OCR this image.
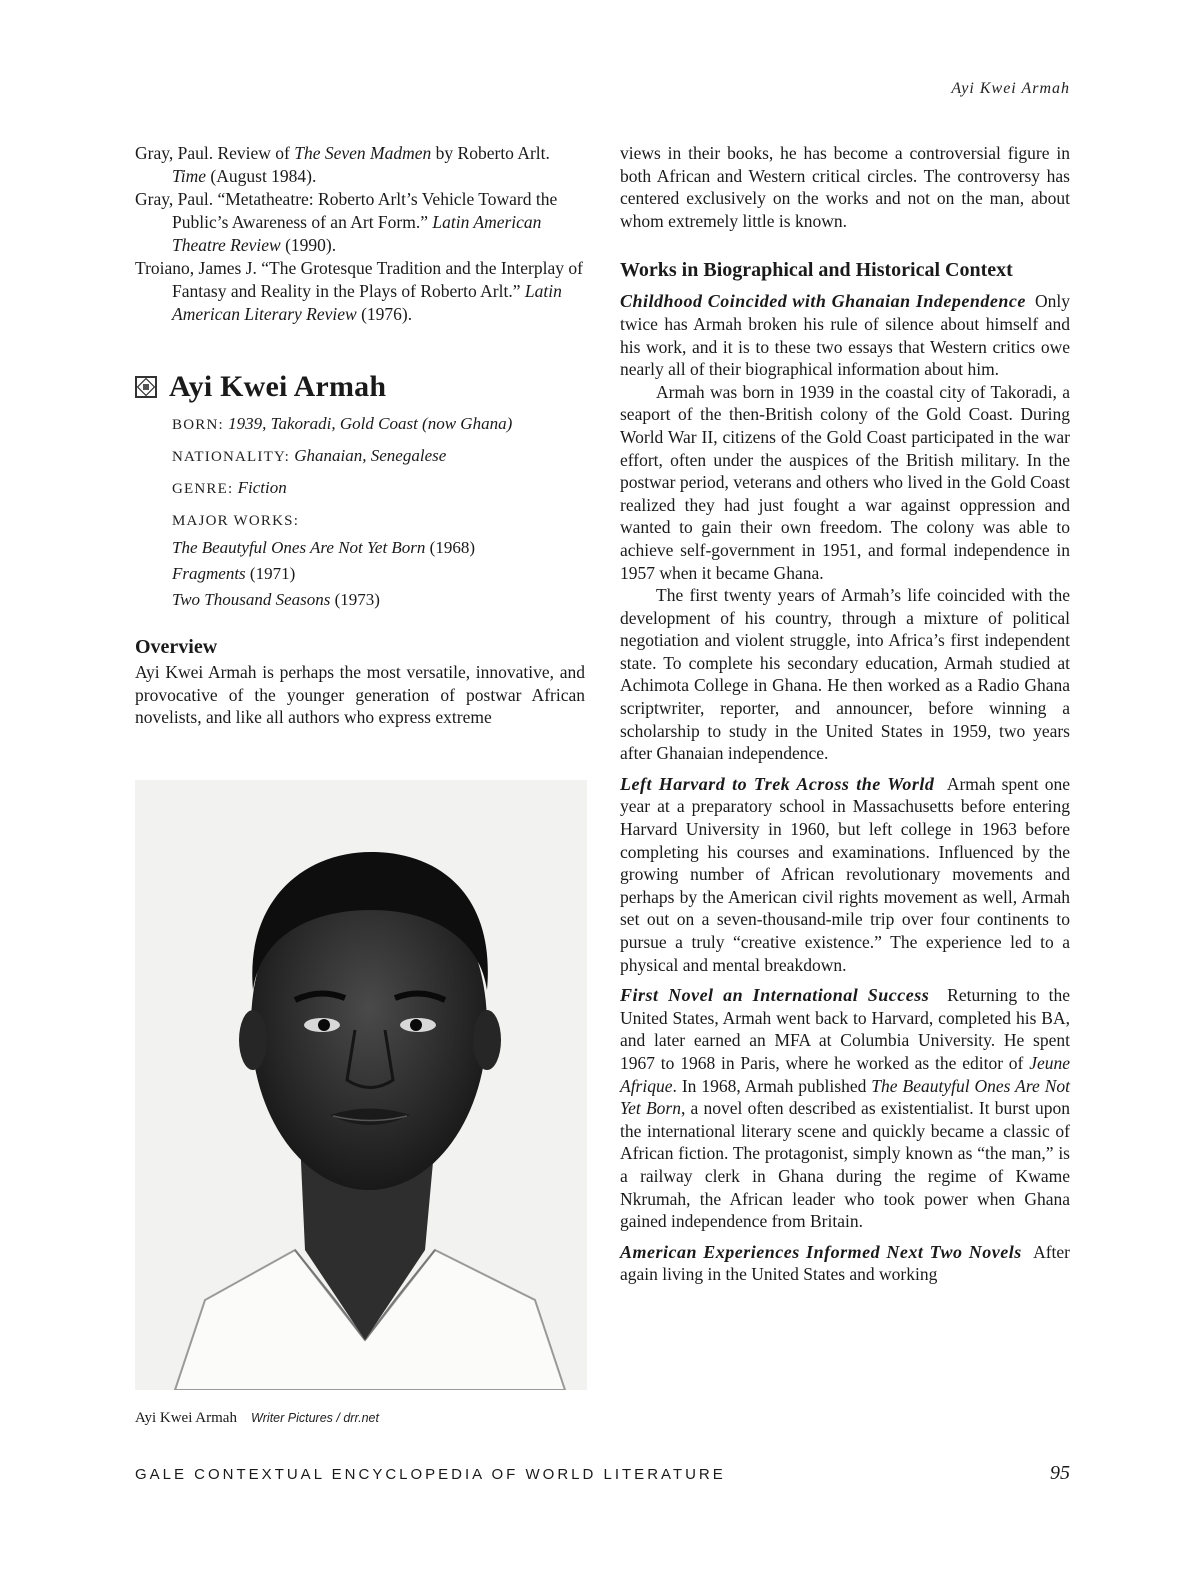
Ayi Kwei Armah

Gray, Paul. Review of The Seven Madmen by Roberto Arlt. Time (August 1984).

Gray, Paul. “Metatheatre: Roberto Arlt’s Vehicle Toward the Public’s Awareness of an Art Form.” Latin American Theatre Review (1990).

Troiano, James J. “The Grotesque Tradition and the Interplay of Fantasy and Reality in the Plays of Roberto Arlt.” Latin American Literary Review (1976).

Ayi Kwei Armah

BORN: 1939, Takoradi, Gold Coast (now Ghana)

NATIONALITY: Ghanaian, Senegalese

GENRE: Fiction

MAJOR WORKS:

The Beautyful Ones Are Not Yet Born (1968)

Fragments (1971)

Two Thousand Seasons (1973)

Overview

Ayi Kwei Armah is perhaps the most versatile, innovative, and provocative of the younger generation of postwar African novelists, and like all authors who express extreme

Ayi Kwei Armah Writer Pictures / drr.net

views in their books, he has become a controversial figure in both African and Western critical circles. The controversy has centered exclusively on the works and not on the man, about whom extremely little is known.

Works in Biographical and Historical Context

Childhood Coincided with Ghanaian Independence Only twice has Armah broken his rule of silence about himself and his work, and it is to these two essays that Western critics owe nearly all of their biographical information about him.

Armah was born in 1939 in the coastal city of Takoradi, a seaport of the then-British colony of the Gold Coast. During World War II, citizens of the Gold Coast participated in the war effort, often under the auspices of the British military. In the postwar period, veterans and others who lived in the Gold Coast realized they had just fought a war against oppression and wanted to gain their own freedom. The colony was able to achieve self-government in 1951, and formal independence in 1957 when it became Ghana.

The first twenty years of Armah’s life coincided with the development of his country, through a mixture of political negotiation and violent struggle, into Africa’s first independent state. To complete his secondary education, Armah studied at Achimota College in Ghana. He then worked as a Radio Ghana scriptwriter, reporter, and announcer, before winning a scholarship to study in the United States in 1959, two years after Ghanaian independence.

Left Harvard to Trek Across the World Armah spent one year at a preparatory school in Massachusetts before entering Harvard University in 1960, but left college in 1963 before completing his courses and examinations. Influenced by the growing number of African revolutionary movements and perhaps by the American civil rights movement as well, Armah set out on a seven-thousand-mile trip over four continents to pursue a truly “creative existence.” The experience led to a physical and mental breakdown.

First Novel an International Success Returning to the United States, Armah went back to Harvard, completed his BA, and later earned an MFA at Columbia University. He spent 1967 to 1968 in Paris, where he worked as the editor of Jeune Afrique. In 1968, Armah published The Beautyful Ones Are Not Yet Born, a novel often described as existentialist. It burst upon the international literary scene and quickly became a classic of African fiction. The protagonist, simply known as “the man,” is a railway clerk in Ghana during the regime of Kwame Nkrumah, the African leader who took power when Ghana gained independence from Britain.

American Experiences Informed Next Two Novels After again living in the United States and working

GALE CONTEXTUAL ENCYCLOPEDIA OF WORLD LITERATURE	95
